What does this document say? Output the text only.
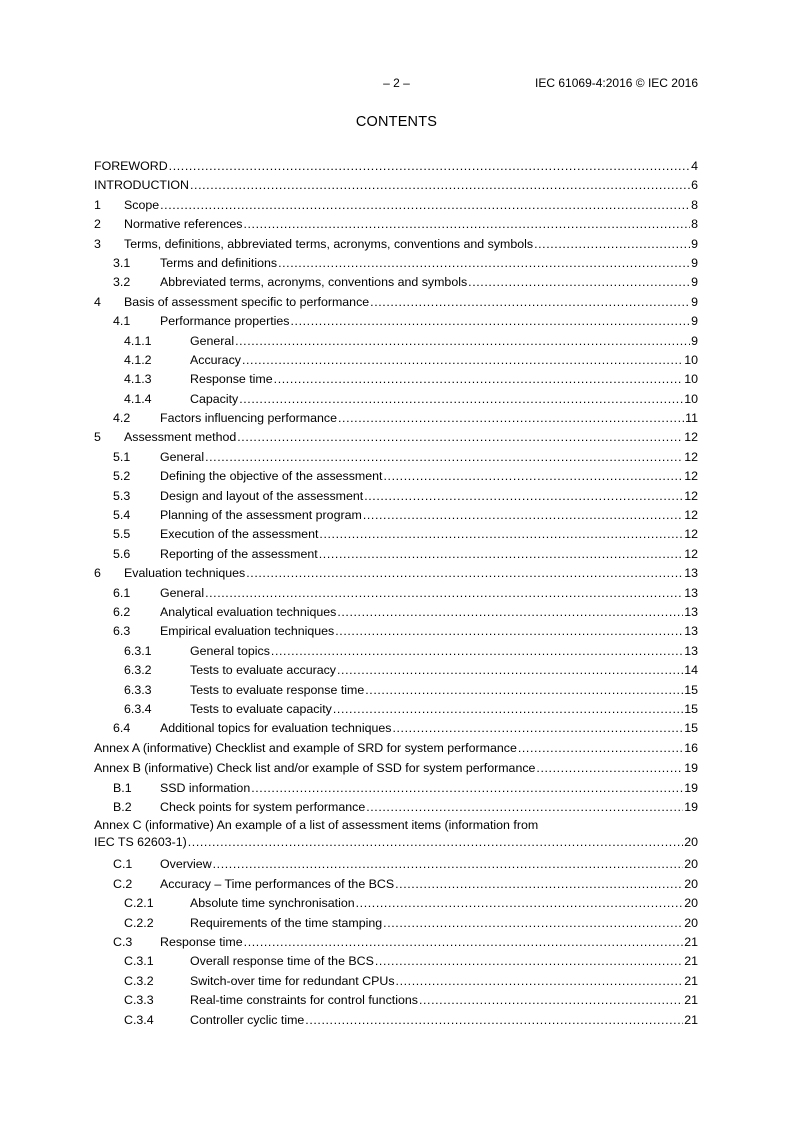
– 2 –	IEC 61069-4:2016 © IEC 2016
CONTENTS
FOREWORD .....	4
INTRODUCTION .....	6
1	Scope .....	8
2	Normative references .....	8
3	Terms, definitions, abbreviated terms, acronyms, conventions and symbols .....	9
3.1	Terms and definitions .....	9
3.2	Abbreviated terms, acronyms, conventions and symbols .....	9
4	Basis of assessment specific to performance .....	9
4.1	Performance properties .....	9
4.1.1	General .....	9
4.1.2	Accuracy .....	10
4.1.3	Response time .....	10
4.1.4	Capacity .....	10
4.2	Factors influencing performance .....	11
5	Assessment method .....	12
5.1	General .....	12
5.2	Defining the objective of the assessment .....	12
5.3	Design and layout of the assessment .....	12
5.4	Planning of the assessment program .....	12
5.5	Execution of the assessment .....	12
5.6	Reporting of the assessment .....	12
6	Evaluation techniques .....	13
6.1	General .....	13
6.2	Analytical evaluation techniques .....	13
6.3	Empirical evaluation techniques .....	13
6.3.1	General topics .....	13
6.3.2	Tests to evaluate accuracy .....	14
6.3.3	Tests to evaluate response time .....	15
6.3.4	Tests to evaluate capacity .....	15
6.4	Additional topics for evaluation techniques .....	15
Annex A (informative) Checklist and example of SRD for system performance .....	16
Annex B (informative) Check list and/or example of SSD for system performance .....	19
B.1	SSD information .....	19
B.2	Check points for system performance .....	19
Annex C (informative) An example of a list of assessment items (information from
IEC TS 62603-1) .....	20
C.1	Overview .....	20
C.2	Accuracy – Time performances of the BCS .....	20
C.2.1	Absolute time synchronisation .....	20
C.2.2	Requirements of the time stamping .....	20
C.3	Response time .....	21
C.3.1	Overall response time of the BCS .....	21
C.3.2	Switch-over time for redundant CPUs .....	21
C.3.3	Real-time constraints for control functions .....	21
C.3.4	Controller cyclic time .....	21
